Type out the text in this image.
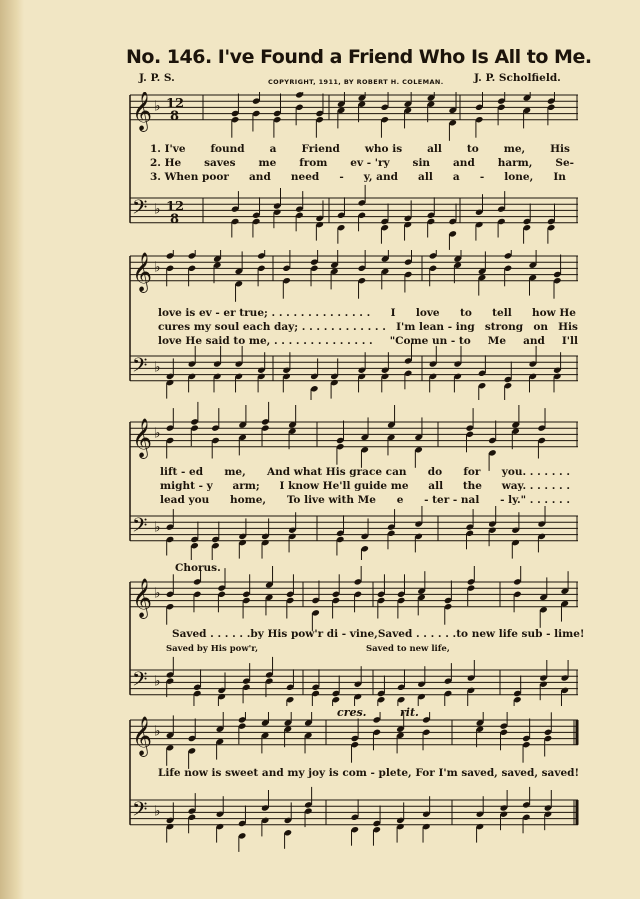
No. 146. I've Found a Friend Who Is All to Me.
J. P. S.	COPYRIGHT, 1911, BY ROBERT H. COLEMAN.	J. P. Scholfield.
𝄞 ♭
𝄢 ♭
12
8
12
8
1. I've found a Friend who is all to me, His
2. He saves me from ev - 'ry sin and harm, Se-
3. When poor and need - y, and all a - lone, In
𝄞 ♭
𝄢 ♭
love is ev - er true; . . . . . . . . . . . . . . I love to tell how He
cures my soul each day; . . . . . . . . . . . . I'm lean - ing strong on His
love He said to me, . . . . . . . . . . . . . . "Come un - to Me and I'll
𝄞 ♭
𝄢 ♭
lift - ed me, And what His grace can do for you. . . . . . .
might - y arm; I know He'll guide me all the way. . . . . . .
lead you home, To live with Me e - ter - nal - ly." . . . . . .
Chorus.
𝄞 ♭
𝄢 ♭
Saved . . . . . . by His pow'r di - vine, Saved . . . . . . to new life sub - lime!
Saved by His pow'r,	Saved to new life,
cres.	rit.
𝄞 ♭
𝄢 ♭
Life now is sweet and my joy is com - plete, For I'm saved, saved, saved!
